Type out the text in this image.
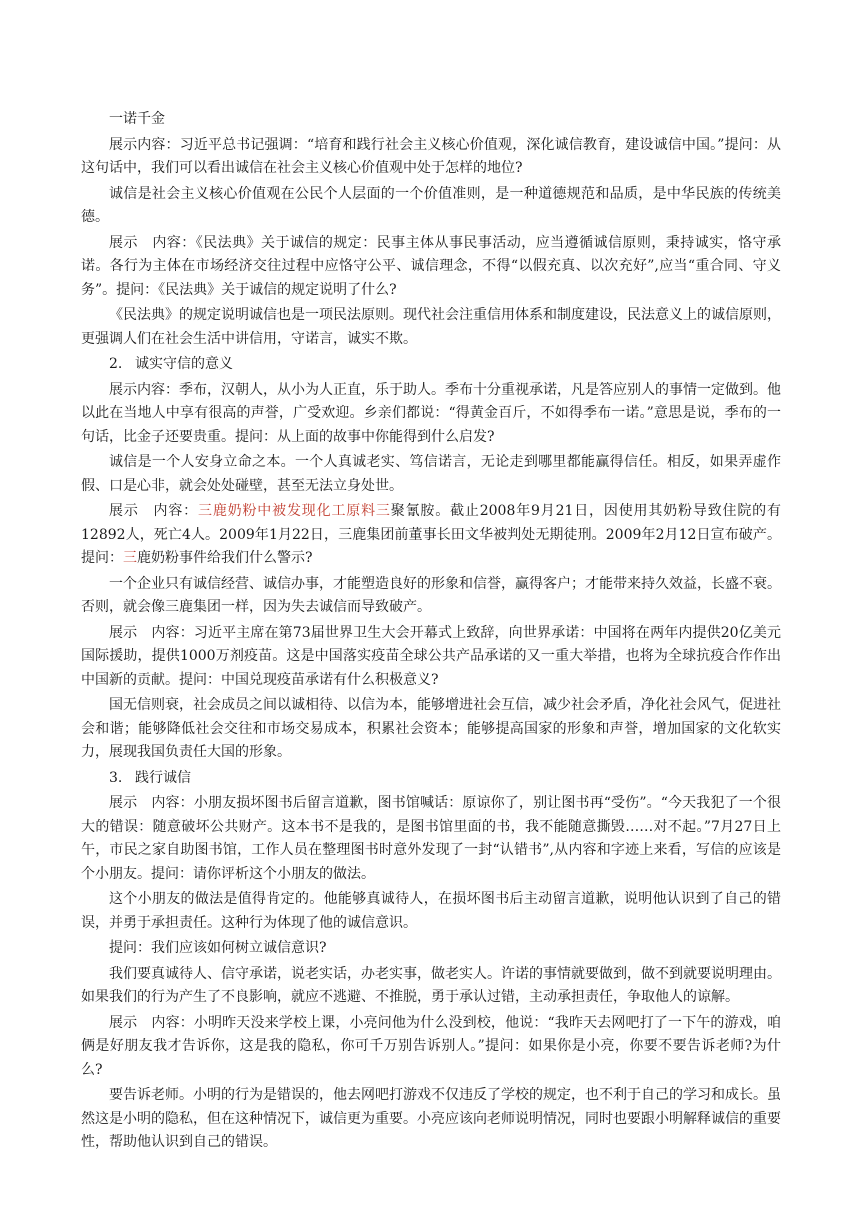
一诺千金
展示内容：习近平总书记强调：“培育和践行社会主义核心价值观，深化诚信教育，建设诚信中国。”提问：从这句话中，我们可以看出诚信在社会主义核心价值观中处于怎样的地位?
诚信是社会主义核心价值观在公民个人层面的一个价值准则，是一种道德规范和品质，是中华民族的传统美德。
展示　内容：《民法典》关于诚信的规定：民事主体从事民事活动，应当遵循诚信原则，秉持诚实，恪守承诺。各行为主体在市场经济交往过程中应恪守公平、诚信理念，不得“以假充真、以次充好”,应当“重合同、守义务”。提问：《民法典》关于诚信的规定说明了什么?
《民法典》的规定说明诚信也是一项民法原则。现代社会注重信用体系和制度建设，民法意义上的诚信原则，更强调人们在社会生活中讲信用，守诺言，诚实不欺。
2. 诚实守信的意义
展示内容：季布，汉朝人，从小为人正直，乐于助人。季布十分重视承诺，凡是答应别人的事情一定做到。他以此在当地人中享有很高的声誉，广受欢迎。乡亲们都说：“得黄金百斤，不如得季布一诺。”意思是说，季布的一句话，比金子还要贵重。提问：从上面的故事中你能得到什么启发?
诚信是一个人安身立命之本。一个人真诚老实、笃信诺言，无论走到哪里都能赢得信任。相反，如果弄虚作假、口是心非，就会处处碰壁，甚至无法立身处世。
展示　内容：三鹿奶粉中被发现化工原料三聚氰胺。截止2008年9月21日，因使用其奶粉导致住院的有12892人，死亡4人。2009年1月22日，三鹿集团前董事长田文华被判处无期徒刑。2009年2月12日宣布破产。提问：三鹿奶粉事件给我们什么警示?
一个企业只有诚信经营、诚信办事，才能塑造良好的形象和信誉，赢得客户；才能带来持久效益，长盛不衰。否则，就会像三鹿集团一样，因为失去诚信而导致破产。
展示　内容：习近平主席在第73届世界卫生大会开幕式上致辞，向世界承诺：中国将在两年内提供20亿美元国际援助，提供1000万剂疫苗。这是中国落实疫苗全球公共产品承诺的又一重大举措，也将为全球抗疫合作作出中国新的贡献。提问：中国兑现疫苗承诺有什么积极意义?
国无信则衰，社会成员之间以诚相待、以信为本，能够增进社会互信，减少社会矛盾，净化社会风气，促进社会和谐；能够降低社会交往和市场交易成本，积累社会资本；能够提高国家的形象和声誉，增加国家的文化软实力，展现我国负责任大国的形象。
3. 践行诚信
展示　内容：小朋友损坏图书后留言道歉，图书馆喊话：原谅你了，别让图书再“受伤”。“今天我犯了一个很大的错误：随意破坏公共财产。这本书不是我的，是图书馆里面的书，我不能随意撕毁……对不起。”7月27日上午，市民之家自助图书馆，工作人员在整理图书时意外发现了一封“认错书”,从内容和字迹上来看，写信的应该是个小朋友。提问：请你评析这个小朋友的做法。
这个小朋友的做法是值得肯定的。他能够真诚待人，在损坏图书后主动留言道歉，说明他认识到了自己的错误，并勇于承担责任。这种行为体现了他的诚信意识。
提问：我们应该如何树立诚信意识?
我们要真诚待人、信守承诺，说老实话，办老实事，做老实人。许诺的事情就要做到，做不到就要说明理由。如果我们的行为产生了不良影响，就应不逃避、不推脱，勇于承认过错，主动承担责任，争取他人的谅解。
展示　内容：小明昨天没来学校上课，小亮问他为什么没到校，他说：“我昨天去网吧打了一下午的游戏，咱俩是好朋友我才告诉你，这是我的隐私，你可千万别告诉别人。”提问：如果你是小亮，你要不要告诉老师?为什么?
要告诉老师。小明的行为是错误的，他去网吧打游戏不仅违反了学校的规定，也不利于自己的学习和成长。虽然这是小明的隐私，但在这种情况下，诚信更为重要。小亮应该向老师说明情况，同时也要跟小明解释诚信的重要性，帮助他认识到自己的错误。
